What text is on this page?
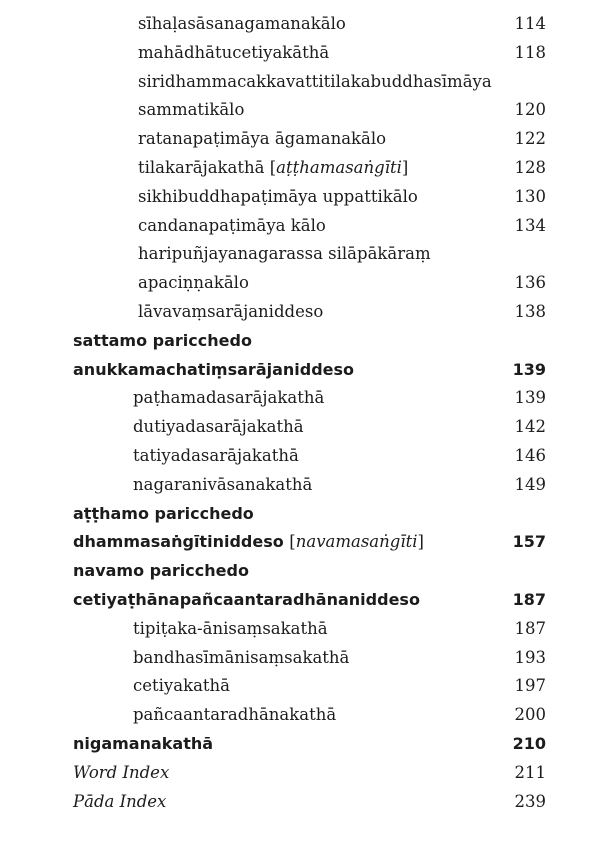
sīhaḷasāsanagamanakālo	114
mahādhātucetiyakāthā	118
siridhammacakkavattitilakabuddhasīmāya
sammatikālo	120
ratanapaṭimāya āgamanakālo	122
tilakarājakathā [aṭṭhamasaṅgīti]	128
sikhibuddhapaṭimāya uppattikālo	130
candanapaṭimāya kālo	134
haripuñjayanagarassa silāpākāraṃ
apaciṇṇakālo	136
lāvavaṃsarājaniddeso	138
sattamo paricchedo
anukkamachatiṃsarājaniddeso	139
paṭhamadasarājakathā	139
dutiyadasarājakathā	142
tatiyadasarājakathā	146
nagaranivāsanakathā	149
aṭṭhamo paricchedo
dhammasaṅgītiniddeso [navamasaṅgīti]	157
navamo paricchedo
cetiyaṭhānapañcaantaradhānaniddeso	187
tipiṭaka-ānisaṃsakathā	187
bandhasīmānisaṃsakathā	193
cetiyakathā	197
pañcaantaradhānakathā	200
nigamanakathā	210
Word Index	211
Pāda Index	239
